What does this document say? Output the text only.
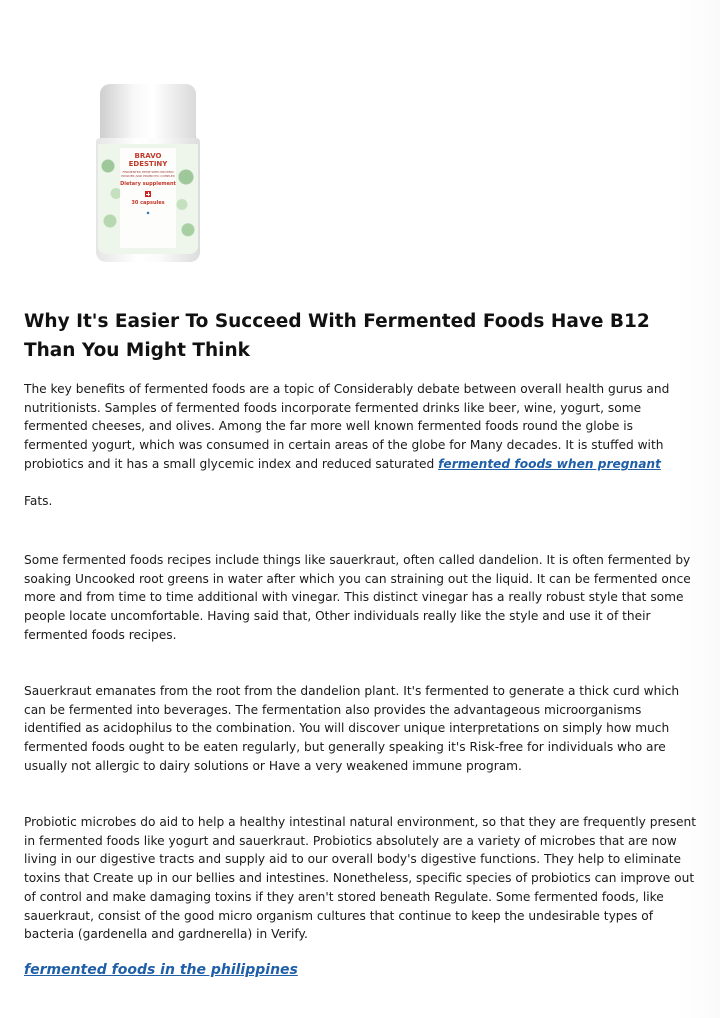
BRAVO
EDESTINY
FERMENTED HEMP SEED PROTEIN POWDER AND PROBIOTIC COMPLEX
Dietary supplement
30 capsules
◆
Why It's Easier To Succeed With Fermented Foods Have B12 Than You Might Think

The key benefits of fermented foods are a topic of Considerably debate between overall health gurus and nutritionists. Samples of fermented foods incorporate fermented drinks like beer, wine, yogurt, some fermented cheeses, and olives. Among the far more well known fermented foods round the globe is fermented yogurt, which was consumed in certain areas of the globe for Many decades. It is stuffed with probiotics and it has a small glycemic index and reduced saturated fermented foods when pregnant

Fats.

Some fermented foods recipes include things like sauerkraut, often called dandelion. It is often fermented by soaking Uncooked root greens in water after which you can straining out the liquid. It can be fermented once more and from time to time additional with vinegar. This distinct vinegar has a really robust style that some people locate uncomfortable. Having said that, Other individuals really like the style and use it of their fermented foods recipes.

Sauerkraut emanates from the root from the dandelion plant. It's fermented to generate a thick curd which can be fermented into beverages. The fermentation also provides the advantageous microorganisms identified as acidophilus to the combination. You will discover unique interpretations on simply how much fermented foods ought to be eaten regularly, but generally speaking it's Risk-free for individuals who are usually not allergic to dairy solutions or Have a very weakened immune program.

Probiotic microbes do aid to help a healthy intestinal natural environment, so that they are frequently present in fermented foods like yogurt and sauerkraut. Probiotics absolutely are a variety of microbes that are now living in our digestive tracts and supply aid to our overall body's digestive functions. They help to eliminate toxins that Create up in our bellies and intestines. Nonetheless, specific species of probiotics can improve out of control and make damaging toxins if they aren't stored beneath Regulate. Some fermented foods, like sauerkraut, consist of the good micro organism cultures that continue to keep the undesirable types of bacteria (gardenella and gardnerella) in Verify.

fermented foods in the philippines
